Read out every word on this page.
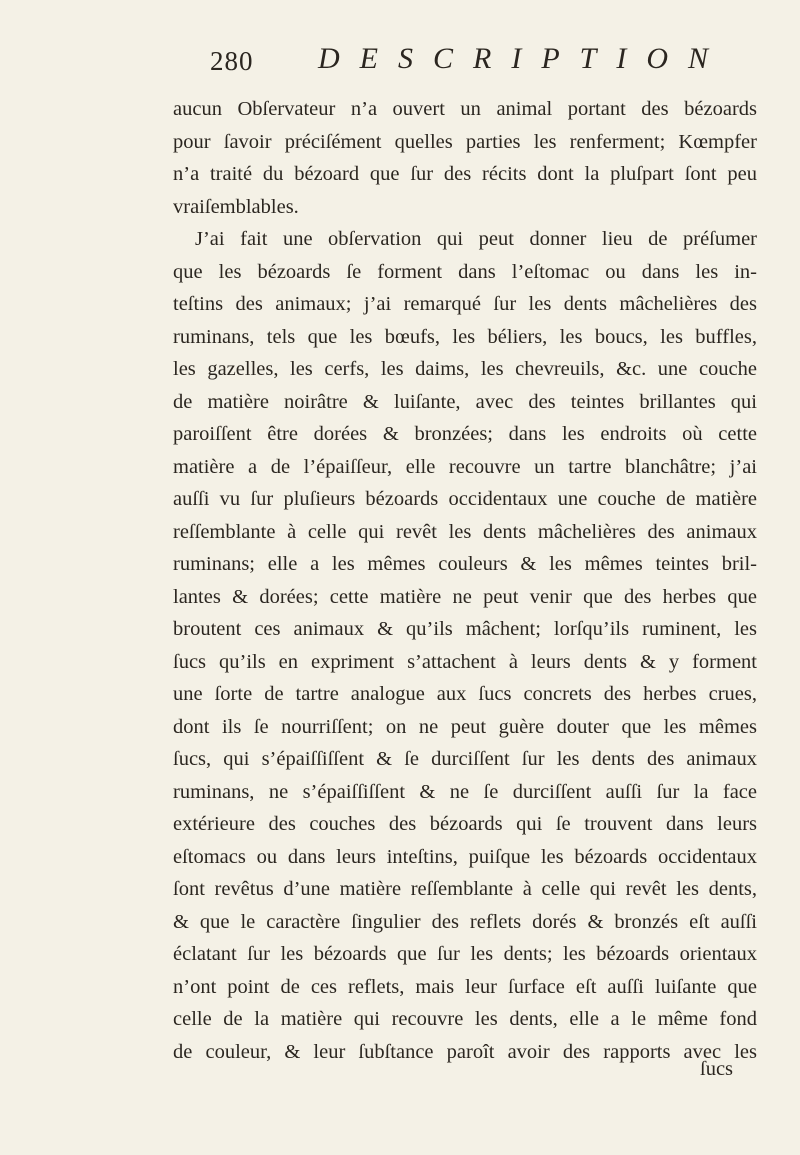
280 DESCRIPTION
aucun Obſervateur n’a ouvert un animal portant des bézoards
pour ſavoir préciſément quelles parties les renferment; Kœmpfer
n’a traité du bézoard que ſur des récits dont la pluſpart ſont peu
vraiſemblables.
J’ai fait une obſervation qui peut donner lieu de préſumer
que les bézoards ſe forment dans l’eſtomac ou dans les in-
teſtins des animaux; j’ai remarqué ſur les dents mâchelières des
ruminans, tels que les bœufs, les béliers, les boucs, les buffles,
les gazelles, les cerfs, les daims, les chevreuils, &c. une couche
de matière noirâtre & luiſante, avec des teintes brillantes qui
paroiſſent être dorées & bronzées; dans les endroits où cette
matière a de l’épaiſſeur, elle recouvre un tartre blanchâtre; j’ai
auſſi vu ſur pluſieurs bézoards occidentaux une couche de matière
reſſemblante à celle qui revêt les dents mâchelières des animaux
ruminans; elle a les mêmes couleurs & les mêmes teintes bril-
lantes & dorées; cette matière ne peut venir que des herbes que
broutent ces animaux & qu’ils mâchent; lorſqu’ils ruminent, les
ſucs qu’ils en expriment s’attachent à leurs dents & y forment
une ſorte de tartre analogue aux ſucs concrets des herbes crues,
dont ils ſe nourriſſent; on ne peut guère douter que les mêmes
ſucs, qui s’épaiſſiſſent & ſe durciſſent ſur les dents des animaux
ruminans, ne s’épaiſſiſſent & ne ſe durciſſent auſſi ſur la face
extérieure des couches des bézoards qui ſe trouvent dans leurs
eſtomacs ou dans leurs inteſtins, puiſque les bézoards occidentaux
ſont revêtus d’une matière reſſemblante à celle qui revêt les dents,
& que le caractère ſingulier des reflets dorés & bronzés eſt auſſi
éclatant ſur les bézoards que ſur les dents; les bézoards orientaux
n’ont point de ces reflets, mais leur ſurface eſt auſſi luiſante que
celle de la matière qui recouvre les dents, elle a le même fond
de couleur, & leur ſubſtance paroît avoir des rapports avec les
ſucs
